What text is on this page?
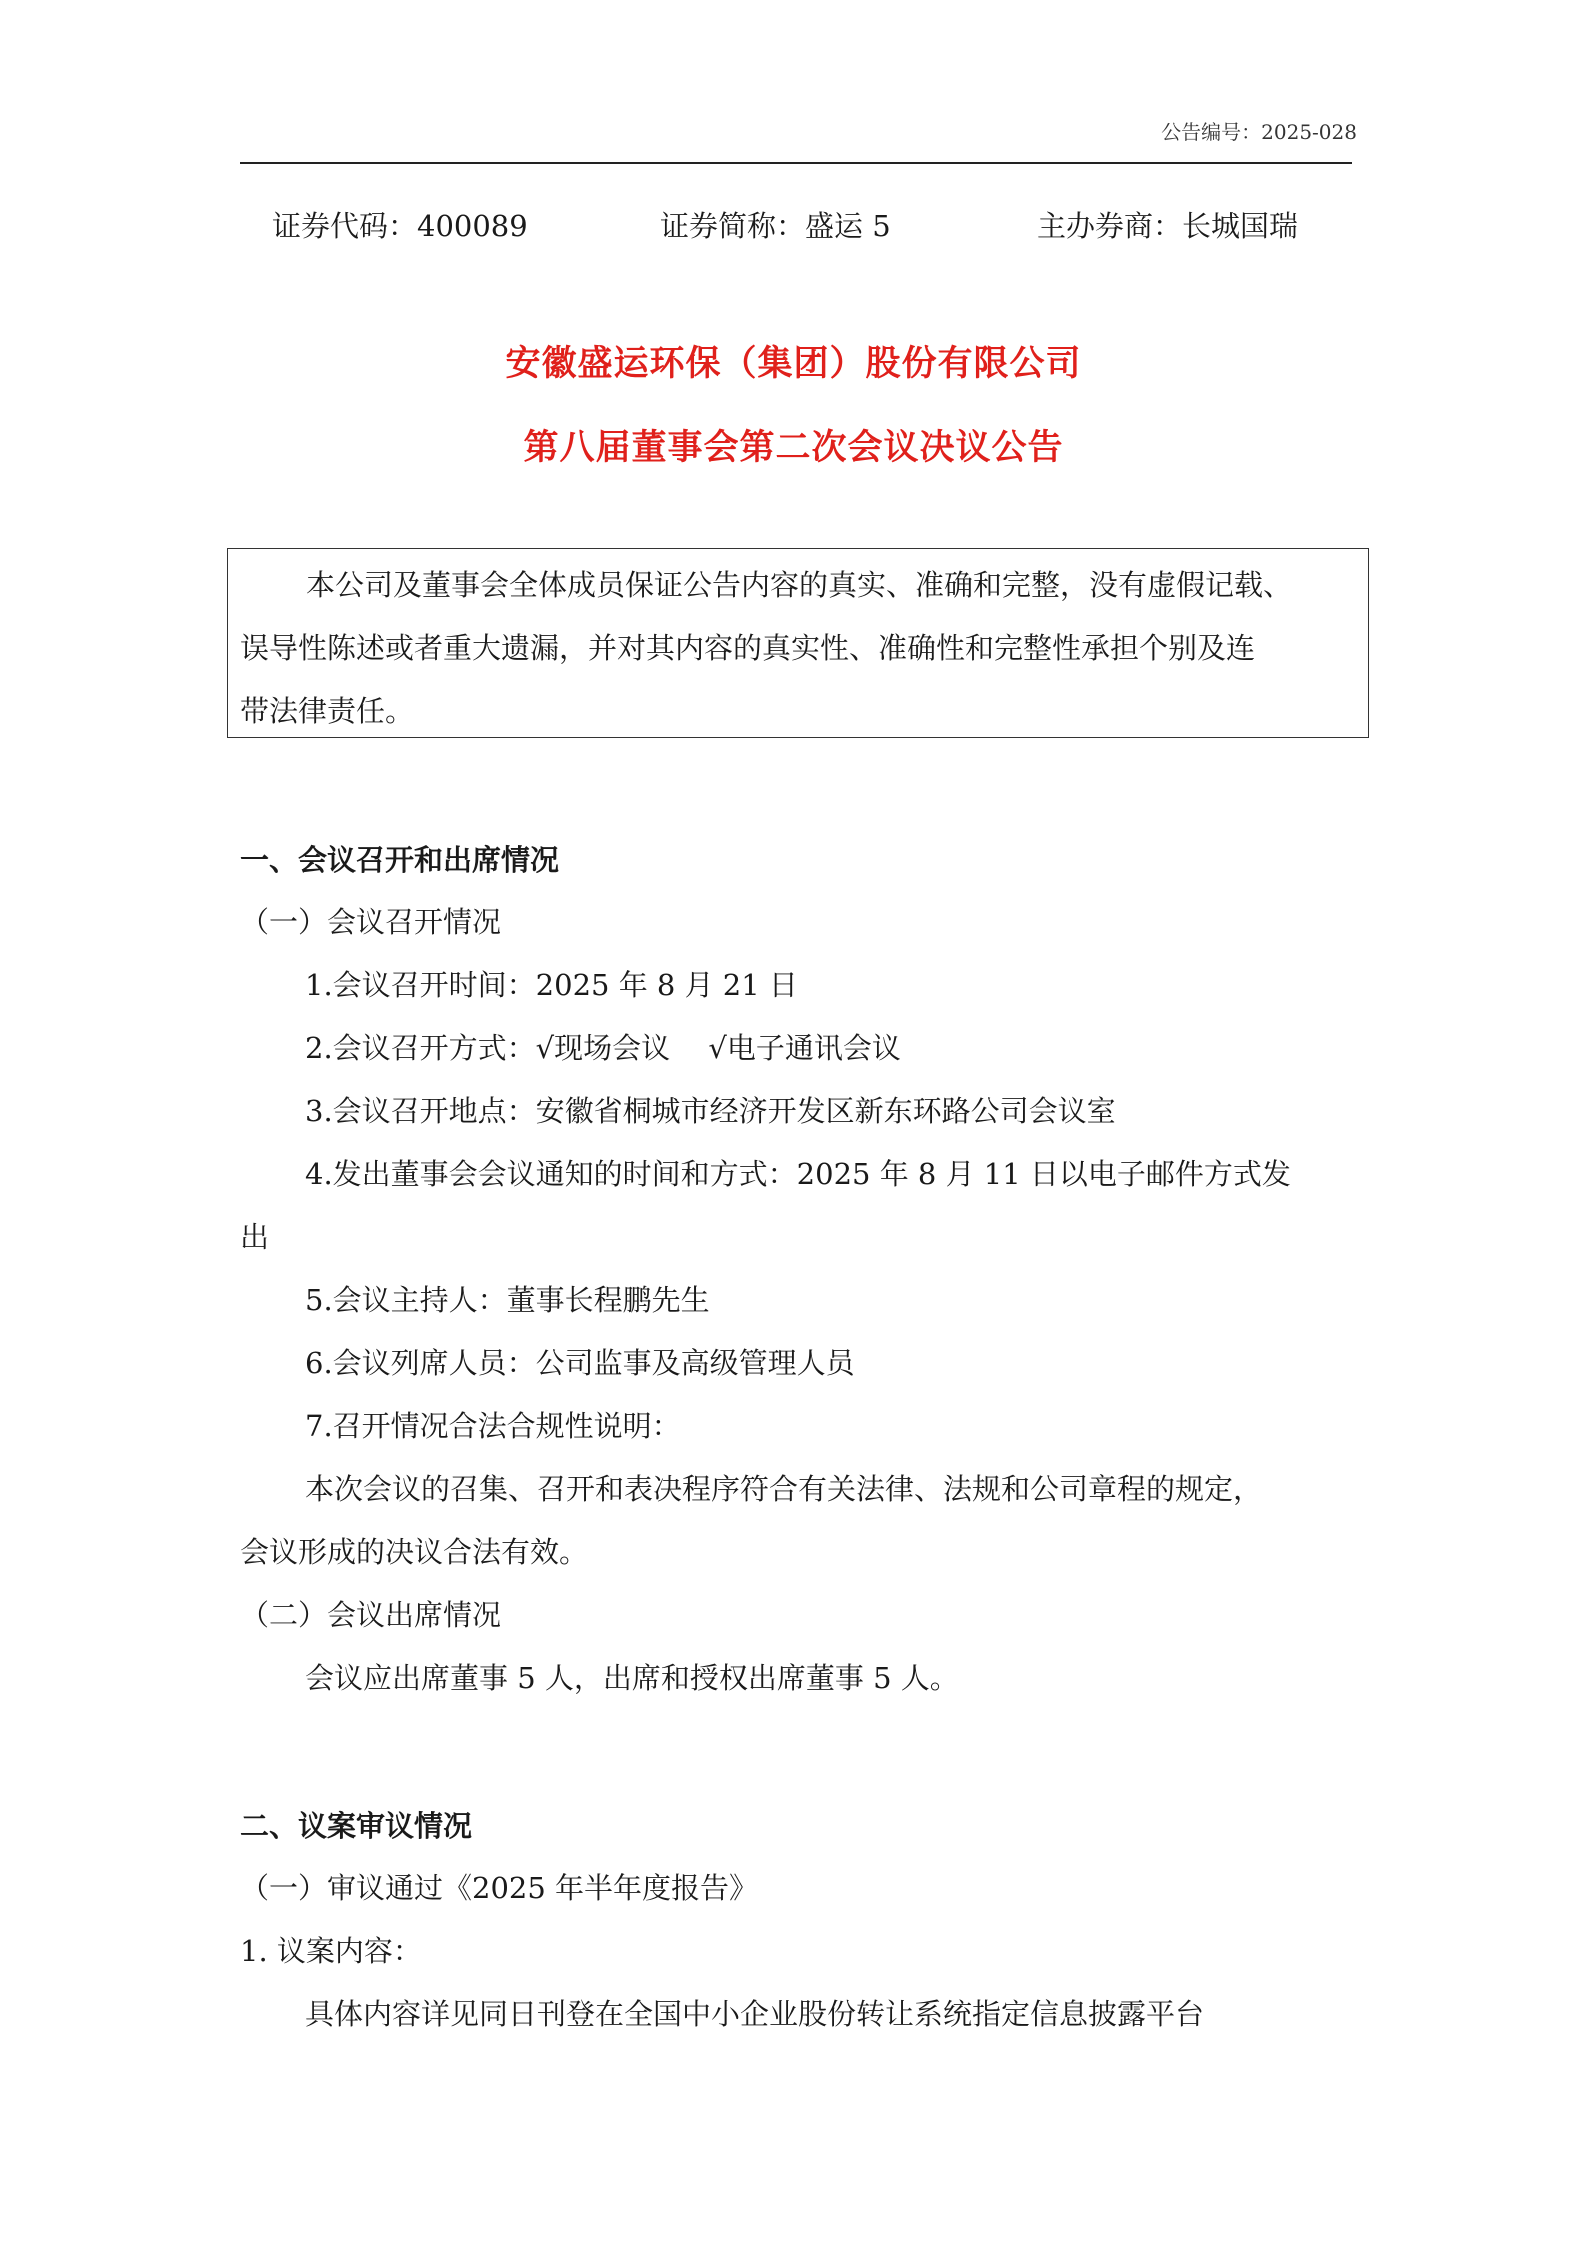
公告编号：2025-028
证券代码：400089	证券简称：盛运 5	主办券商：长城国瑞
安徽盛运环保（集团）股份有限公司
第八届董事会第二次会议决议公告
本公司及董事会全体成员保证公告内容的真实、准确和完整，没有虚假记载、
误导性陈述或者重大遗漏，并对其内容的真实性、准确性和完整性承担个别及连
带法律责任。
一、会议召开和出席情况
（一）会议召开情况
1.会议召开时间：2025 年 8 月 21 日
2.会议召开方式：√现场会议　 √电子通讯会议
3.会议召开地点：安徽省桐城市经济开发区新东环路公司会议室
4.发出董事会会议通知的时间和方式：2025 年 8 月 11 日以电子邮件方式发
出
5.会议主持人：董事长程鹏先生
6.会议列席人员：公司监事及高级管理人员
7.召开情况合法合规性说明：
本次会议的召集、召开和表决程序符合有关法律、法规和公司章程的规定，
会议形成的决议合法有效。
（二）会议出席情况
会议应出席董事 5 人，出席和授权出席董事 5 人。
二、议案审议情况
（一）审议通过《2025 年半年度报告》
1. 议案内容：
具体内容详见同日刊登在全国中小企业股份转让系统指定信息披露平台
